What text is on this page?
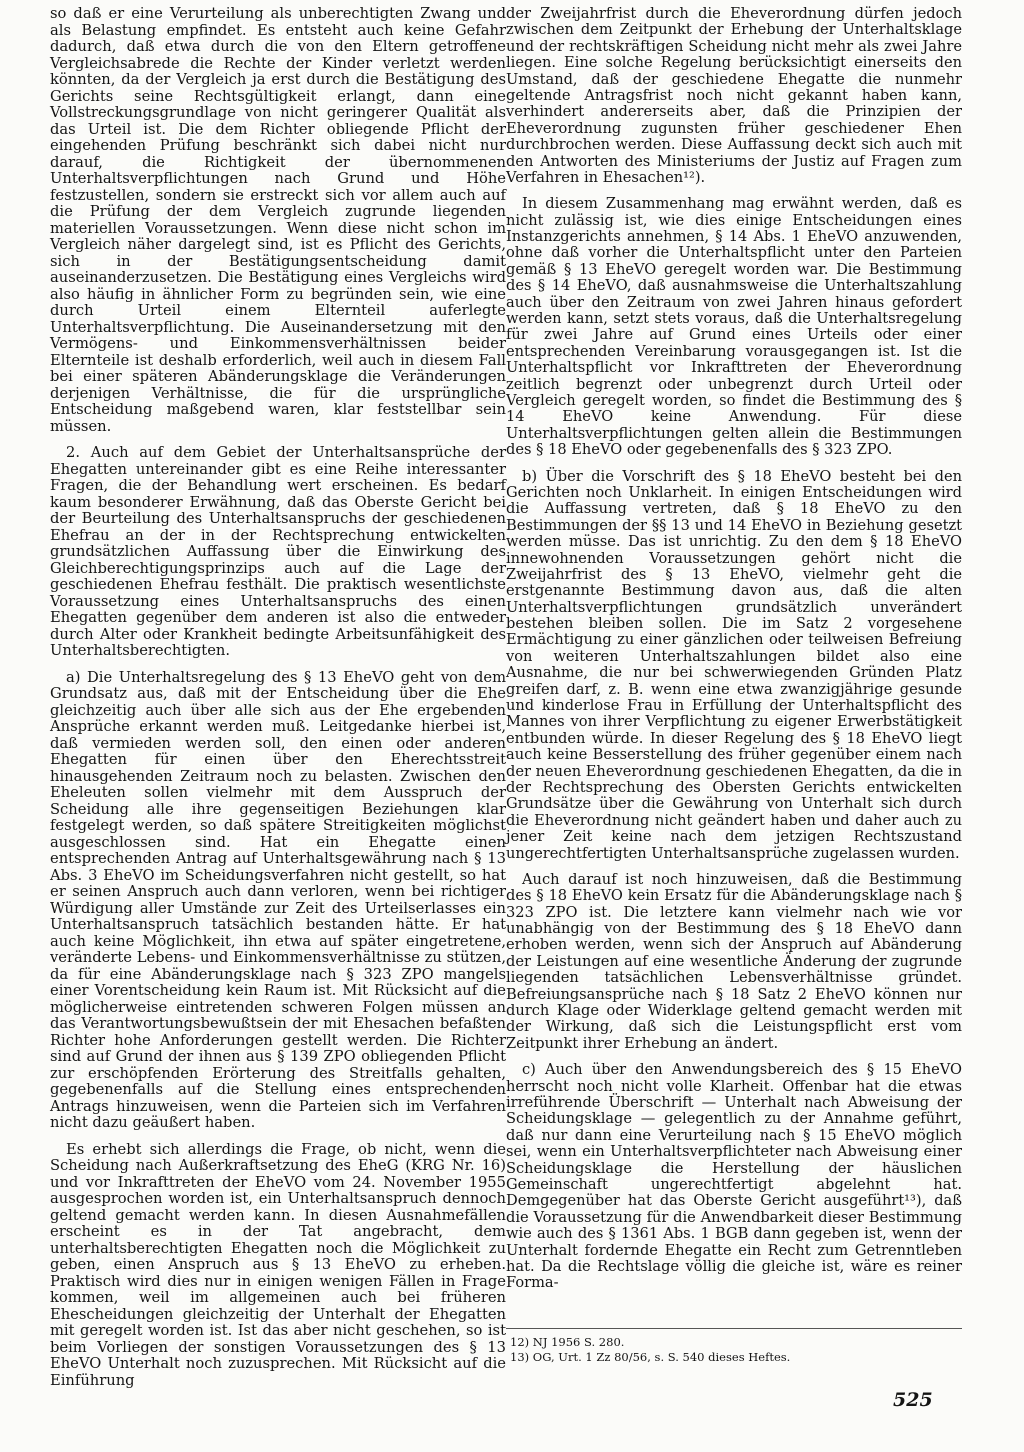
so daß er eine Verurteilung als unberechtigten Zwang und als Belastung empfindet. Es entsteht auch keine Gefahr dadurch, daß etwa durch die von den Eltern getroffene Vergleichsabrede die Rechte der Kinder verletzt werden könnten, da der Vergleich ja erst durch die Bestätigung des Gerichts seine Rechtsgültigkeit erlangt, dann eine Vollstreckungsgrundlage von nicht geringerer Qualität als das Urteil ist. Die dem Richter obliegende Pflicht der eingehenden Prüfung beschränkt sich dabei nicht nur darauf, die Richtigkeit der übernommenen Unterhaltsverpflichtungen nach Grund und Höhe festzustellen, sondern sie erstreckt sich vor allem auch auf die Prüfung der dem Vergleich zugrunde liegenden materiellen Voraussetzungen. Wenn diese nicht schon im Vergleich näher dargelegt sind, ist es Pflicht des Gerichts, sich in der Bestätigungsentscheidung damit auseinanderzusetzen. Die Bestätigung eines Vergleichs wird also häufig in ähnlicher Form zu begründen sein, wie eine durch Urteil einem Elternteil auferlegte Unterhaltsverpflichtung. Die Auseinandersetzung mit den Vermögens- und Einkommensverhältnissen beider Elternteile ist deshalb erforderlich, weil auch in diesem Fall bei einer späteren Abänderungsklage die Veränderungen derjenigen Verhältnisse, die für die ursprüngliche Entscheidung maßgebend waren, klar feststellbar sein müssen.

2. Auch auf dem Gebiet der Unterhaltsansprüche der Ehegatten untereinander gibt es eine Reihe interessanter Fragen, die der Behandlung wert erscheinen. Es bedarf kaum besonderer Erwähnung, daß das Oberste Gericht bei der Beurteilung des Unterhaltsanspruchs der geschiedenen Ehefrau an der in der Rechtsprechung entwickelten grundsätzlichen Auffassung über die Einwirkung des Gleichberechtigungsprinzips auch auf die Lage der geschiedenen Ehefrau festhält. Die praktisch wesentlichste Voraussetzung eines Unterhaltsanspruchs des einen Ehegatten gegenüber dem anderen ist also die entweder durch Alter oder Krankheit bedingte Arbeitsunfähigkeit des Unterhaltsberechtigten.

a) Die Unterhaltsregelung des § 13 EheVO geht von dem Grundsatz aus, daß mit der Entscheidung über die Ehe gleichzeitig auch über alle sich aus der Ehe ergebenden Ansprüche erkannt werden muß. Leitgedanke hierbei ist, daß vermieden werden soll, den einen oder anderen Ehegatten für einen über den Eherechtsstreit hinausgehenden Zeitraum noch zu belasten. Zwischen den Eheleuten sollen vielmehr mit dem Ausspruch der Scheidung alle ihre gegenseitigen Beziehungen klar festgelegt werden, so daß spätere Streitigkeiten möglichst ausgeschlossen sind. Hat ein Ehegatte einen entsprechenden Antrag auf Unterhaltsgewährung nach § 13 Abs. 3 EheVO im Scheidungsverfahren nicht gestellt, so hat er seinen Anspruch auch dann verloren, wenn bei richtiger Würdigung aller Umstände zur Zeit des Urteilserlasses ein Unterhaltsanspruch tatsächlich bestanden hätte. Er hat auch keine Möglichkeit, ihn etwa auf später eingetretene, veränderte Lebens- und Einkommensverhältnisse zu stützen, da für eine Abänderungsklage nach § 323 ZPO mangels einer Vorentscheidung kein Raum ist. Mit Rücksicht auf die möglicherweise eintretenden schweren Folgen müssen an das Verantwortungsbewußtsein der mit Ehesachen befaßten Richter hohe Anforderungen gestellt werden. Die Richter sind auf Grund der ihnen aus § 139 ZPO obliegenden Pflicht zur erschöpfenden Erörterung des Streitfalls gehalten, gegebenenfalls auf die Stellung eines entsprechenden Antrags hinzuweisen, wenn die Parteien sich im Verfahren nicht dazu geäußert haben.

Es erhebt sich allerdings die Frage, ob nicht, wenn die Scheidung nach Außerkraftsetzung des EheG (KRG Nr. 16) und vor Inkrafttreten der EheVO vom 24. November 1955 ausgesprochen worden ist, ein Unterhaltsanspruch dennoch geltend gemacht werden kann. In diesen Ausnahmefällen erscheint es in der Tat angebracht, dem unterhaltsberechtigten Ehegatten noch die Möglichkeit zu geben, einen Anspruch aus § 13 EheVO zu erheben. Praktisch wird dies nur in einigen wenigen Fällen in Frage kommen, weil im allgemeinen auch bei früheren Ehescheidungen gleichzeitig der Unterhalt der Ehegatten mit geregelt worden ist. Ist das aber nicht geschehen, so ist beim Vorliegen der sonstigen Voraussetzungen des § 13 EheVO Unterhalt noch zuzusprechen. Mit Rücksicht auf die Einführung

der Zweijahrfrist durch die Eheverordnung dürfen jedoch zwischen dem Zeitpunkt der Erhebung der Unterhaltsklage und der rechtskräftigen Scheidung nicht mehr als zwei Jahre liegen. Eine solche Regelung berücksichtigt einerseits den Umstand, daß der geschiedene Ehegatte die nunmehr geltende Antragsfrist noch nicht gekannt haben kann, verhindert andererseits aber, daß die Prinzipien der Eheverordnung zugunsten früher geschiedener Ehen durchbrochen werden. Diese Auffassung deckt sich auch mit den Antworten des Ministeriums der Justiz auf Fragen zum Verfahren in Ehesachen¹²).

In diesem Zusammenhang mag erwähnt werden, daß es nicht zulässig ist, wie dies einige Entscheidungen eines Instanzgerichts annehmen, § 14 Abs. 1 EheVO anzuwenden, ohne daß vorher die Unterhaltspflicht unter den Parteien gemäß § 13 EheVO geregelt worden war. Die Bestimmung des § 14 EheVO, daß ausnahmsweise die Unterhaltszahlung auch über den Zeitraum von zwei Jahren hinaus gefordert werden kann, setzt stets voraus, daß die Unterhaltsregelung für zwei Jahre auf Grund eines Urteils oder einer entsprechenden Vereinbarung vorausgegangen ist. Ist die Unterhaltspflicht vor Inkrafttreten der Eheverordnung zeitlich begrenzt oder unbegrenzt durch Urteil oder Vergleich geregelt worden, so findet die Bestimmung des § 14 EheVO keine Anwendung. Für diese Unterhaltsverpflichtungen gelten allein die Bestimmungen des § 18 EheVO oder gegebenenfalls des § 323 ZPO.

b) Über die Vorschrift des § 18 EheVO besteht bei den Gerichten noch Unklarheit. In einigen Entscheidungen wird die Auffassung vertreten, daß § 18 EheVO zu den Bestimmungen der §§ 13 und 14 EheVO in Beziehung gesetzt werden müsse. Das ist unrichtig. Zu den dem § 18 EheVO innewohnenden Voraussetzungen gehört nicht die Zweijahrfrist des § 13 EheVO, vielmehr geht die erstgenannte Bestimmung davon aus, daß die alten Unterhaltsverpflichtungen grundsätzlich unverändert bestehen bleiben sollen. Die im Satz 2 vorgesehene Ermächtigung zu einer gänzlichen oder teilweisen Befreiung von weiteren Unterhaltszahlungen bildet also eine Ausnahme, die nur bei schwerwiegenden Gründen Platz greifen darf, z. B. wenn eine etwa zwanzigjährige gesunde und kinderlose Frau in Erfüllung der Unterhaltspflicht des Mannes von ihrer Verpflichtung zu eigener Erwerbstätigkeit entbunden würde. In dieser Regelung des § 18 EheVO liegt auch keine Besserstellung des früher gegenüber einem nach der neuen Eheverordnung geschiedenen Ehegatten, da die in der Rechtsprechung des Obersten Gerichts entwickelten Grundsätze über die Gewährung von Unterhalt sich durch die Eheverordnung nicht geändert haben und daher auch zu jener Zeit keine nach dem jetzigen Rechtszustand ungerechtfertigten Unterhaltsansprüche zugelassen wurden.

Auch darauf ist noch hinzuweisen, daß die Bestimmung des § 18 EheVO kein Ersatz für die Abänderungsklage nach § 323 ZPO ist. Die letztere kann vielmehr nach wie vor unabhängig von der Bestimmung des § 18 EheVO dann erhoben werden, wenn sich der Anspruch auf Abänderung der Leistungen auf eine wesentliche Änderung der zugrunde liegenden tatsächlichen Lebensverhältnisse gründet. Befreiungsansprüche nach § 18 Satz 2 EheVO können nur durch Klage oder Widerklage geltend gemacht werden mit der Wirkung, daß sich die Leistungspflicht erst vom Zeitpunkt ihrer Erhebung an ändert.

c) Auch über den Anwendungsbereich des § 15 EheVO herrscht noch nicht volle Klarheit. Offenbar hat die etwas irreführende Überschrift — Unterhalt nach Abweisung der Scheidungsklage — gelegentlich zu der Annahme geführt, daß nur dann eine Verurteilung nach § 15 EheVO möglich sei, wenn ein Unterhaltsverpflichteter nach Abweisung einer Scheidungsklage die Herstellung der häuslichen Gemeinschaft ungerechtfertigt abgelehnt hat. Demgegenüber hat das Oberste Gericht ausgeführt¹³), daß die Voraussetzung für die Anwendbarkeit dieser Bestimmung wie auch des § 1361 Abs. 1 BGB dann gegeben ist, wenn der Unterhalt fordernde Ehegatte ein Recht zum Getrenntleben hat. Da die Rechtslage völlig die gleiche ist, wäre es reiner Forma-

12) NJ 1956 S. 280.
13) OG, Urt. 1 Zz 80/56, s. S. 540 dieses Heftes.
525
